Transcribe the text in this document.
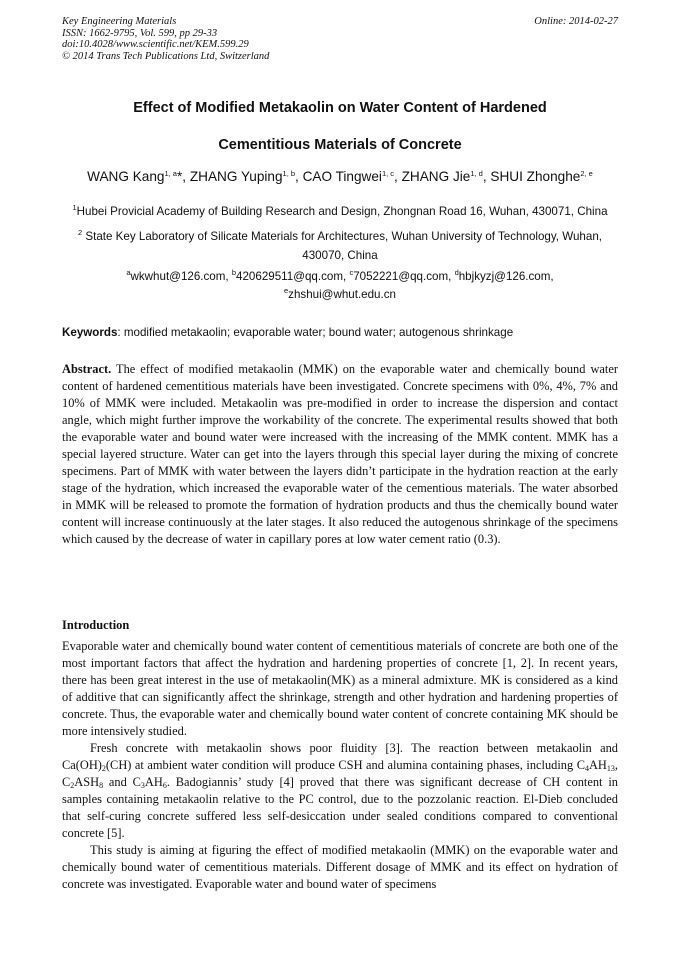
Key Engineering Materials
ISSN: 1662-9795, Vol. 599, pp 29-33
doi:10.4028/www.scientific.net/KEM.599.29
© 2014 Trans Tech Publications Ltd, Switzerland
Online: 2014-02-27
Effect of Modified Metakaolin on Water Content of Hardened
Cementitious Materials of Concrete
WANG Kang$^{1, a}$*, ZHANG Yuping$^{1, b}$, CAO Tingwei$^{1, c}$, ZHANG Jie$^{1, d}$, SHUI Zhonghe$^{2, e}$
$^1$Hubei Provicial Academy of Building Research and Design, Zhongnan Road 16, Wuhan, 430071, China
$^2$ State Key Laboratory of Silicate Materials for Architectures, Wuhan University of Technology, Wuhan, 430070, China
$^a$wkwhut@126.com, $^b$420629511@qq.com, $^c$7052221@qq.com, $^d$hbjkyzj@126.com,
$^e$zhshui@whut.edu.cn
Keywords: modified metakaolin; evaporable water; bound water; autogenous shrinkage
Abstract. The effect of modified metakaolin (MMK) on the evaporable water and chemically bound water content of hardened cementitious materials have been investigated. Concrete specimens with 0%, 4%, 7% and 10% of MMK were included. Metakaolin was pre-modified in order to increase the dispersion and contact angle, which might further improve the workability of the concrete. The experimental results showed that both the evaporable water and bound water were increased with the increasing of the MMK content. MMK has a special layered structure. Water can get into the layers through this special layer during the mixing of concrete specimens. Part of MMK with water between the layers didn’t participate in the hydration reaction at the early stage of the hydration, which increased the evaporable water of the cementious materials. The water absorbed in MMK will be released to promote the formation of hydration products and thus the chemically bound water content will increase continuously at the later stages. It also reduced the autogenous shrinkage of the specimens which caused by the decrease of water in capillary pores at low water cement ratio (0.3).
Introduction

Evaporable water and chemically bound water content of cementitious materials of concrete are both one of the most important factors that affect the hydration and hardening properties of concrete [1, 2]. In recent years, there has been great interest in the use of metakaolin(MK) as a mineral admixture. MK is considered as a kind of additive that can significantly affect the shrinkage, strength and other hydration and hardening properties of concrete. Thus, the evaporable water and chemically bound water content of concrete containing MK should be more intensively studied.

Fresh concrete with metakaolin shows poor fluidity [3]. The reaction between metakaolin and $Ca(OH)_2(CH)$ at ambient water condition will produce CSH and alumina containing phases, including $C_4AH_{13}$, $C_2ASH_8$ and $C_3AH_6$. Badogiannis’ study [4] proved that there was significant decrease of CH content in samples containing metakaolin relative to the PC control, due to the pozzolanic reaction. El-Dieb concluded that self-curing concrete suffered less self-desiccation under sealed conditions compared to conventional concrete [5].

This study is aiming at figuring the effect of modified metakaolin (MMK) on the evaporable water and chemically bound water of cementitious materials. Different dosage of MMK and its effect on hydration of concrete was investigated. Evaporable water and bound water of specimens
